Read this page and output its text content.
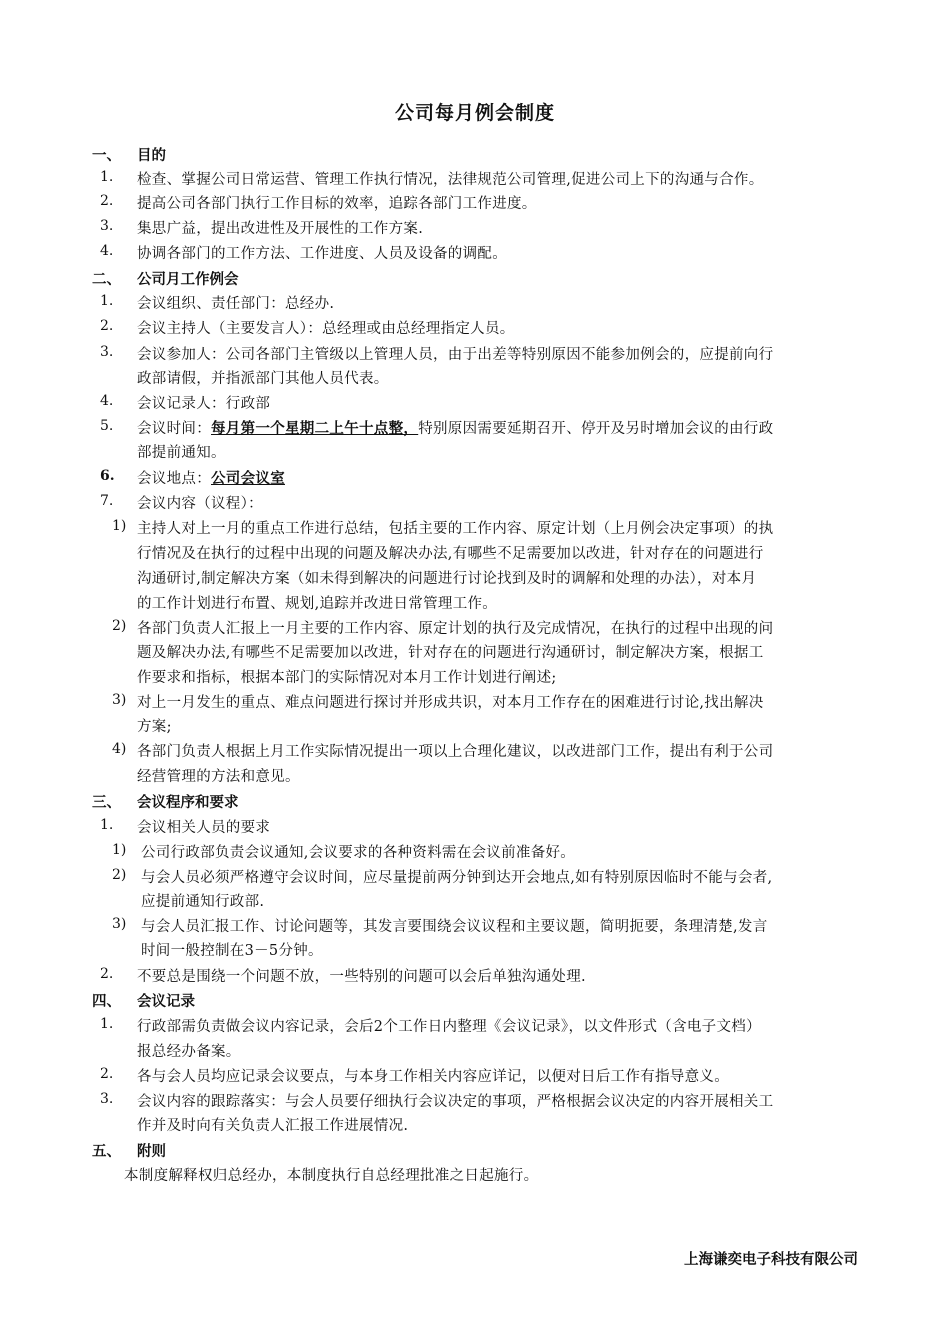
公司每月例会制度
一、 目的
1. 检查、掌握公司日常运营、管理工作执行情况，法律规范公司管理,促进公司上下的沟通与合作。
2. 提高公司各部门执行工作目标的效率，追踪各部门工作进度。
3. 集思广益，提出改进性及开展性的工作方案.
4. 协调各部门的工作方法、工作进度、人员及设备的调配。
二、 公司月工作例会
1. 会议组织、责任部门：总经办.
2. 会议主持人（主要发言人）：总经理或由总经理指定人员。
3. 会议参加人：公司各部门主管级以上管理人员，由于出差等特别原因不能参加例会的，应提前向行
政部请假，并指派部门其他人员代表。
4. 会议记录人：行政部
5. 会议时间：每月第一个星期二上午十点整，特别原因需要延期召开、停开及另时增加会议的由行政
部提前通知。
6. 会议地点：公司会议室
7. 会议内容（议程）：
1) 主持人对上一月的重点工作进行总结，包括主要的工作内容、原定计划（上月例会决定事项）的执
行情况及在执行的过程中出现的问题及解决办法,有哪些不足需要加以改进，针对存在的问题进行
沟通研讨,制定解决方案（如未得到解决的问题进行讨论找到及时的调解和处理的办法），对本月
的工作计划进行布置、规划,追踪并改进日常管理工作。
2) 各部门负责人汇报上一月主要的工作内容、原定计划的执行及完成情况，在执行的过程中出现的问
题及解决办法,有哪些不足需要加以改进，针对存在的问题进行沟通研讨，制定解决方案，根据工
作要求和指标，根据本部门的实际情况对本月工作计划进行阐述;
3) 对上一月发生的重点、难点问题进行探讨并形成共识，对本月工作存在的困难进行讨论,找出解决
方案;
4) 各部门负责人根据上月工作实际情况提出一项以上合理化建议，以改进部门工作，提出有利于公司
经营管理的方法和意见。
三、 会议程序和要求
1. 会议相关人员的要求
1) 公司行政部负责会议通知,会议要求的各种资料需在会议前准备好。
2) 与会人员必须严格遵守会议时间，应尽量提前两分钟到达开会地点,如有特别原因临时不能与会者,
应提前通知行政部.
3) 与会人员汇报工作、讨论问题等，其发言要围绕会议议程和主要议题，简明扼要，条理清楚,发言
时间一般控制在3－5分钟。
2. 不要总是围绕一个问题不放，一些特别的问题可以会后单独沟通处理.
四、 会议记录
1. 行政部需负责做会议内容记录，会后2个工作日内整理《会议记录》，以文件形式（含电子文档）
报总经办备案。
2. 各与会人员均应记录会议要点，与本身工作相关内容应详记，以便对日后工作有指导意义。
3. 会议内容的跟踪落实：与会人员要仔细执行会议决定的事项，严格根据会议决定的内容开展相关工
作并及时向有关负责人汇报工作进展情况.
五、 附则
本制度解释权归总经办，本制度执行自总经理批准之日起施行。
上海谦奕电子科技有限公司
